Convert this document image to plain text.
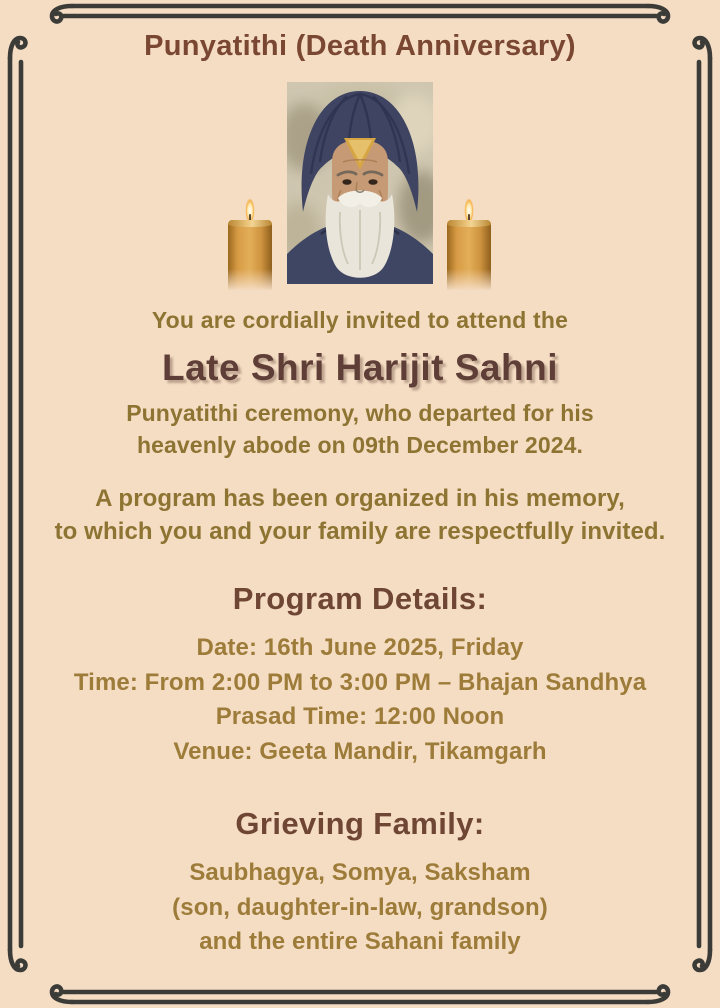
Punyatithi (Death Anniversary)
You are cordially invited to attend the
Late Shri Harijit Sahni
Punyatithi ceremony, who departed for his
heavenly abode on 09th December 2024.
A program has been organized in his memory,
to which you and your family are respectfully invited.
Program Details:
Date: 16th June 2025, Friday
Time: From 2:00 PM to 3:00 PM – Bhajan Sandhya
Prasad Time: 12:00 Noon
Venue: Geeta Mandir, Tikamgarh
Grieving Family:
Saubhagya, Somya, Saksham
(son, daughter-in-law, grandson)
and the entire Sahani family
